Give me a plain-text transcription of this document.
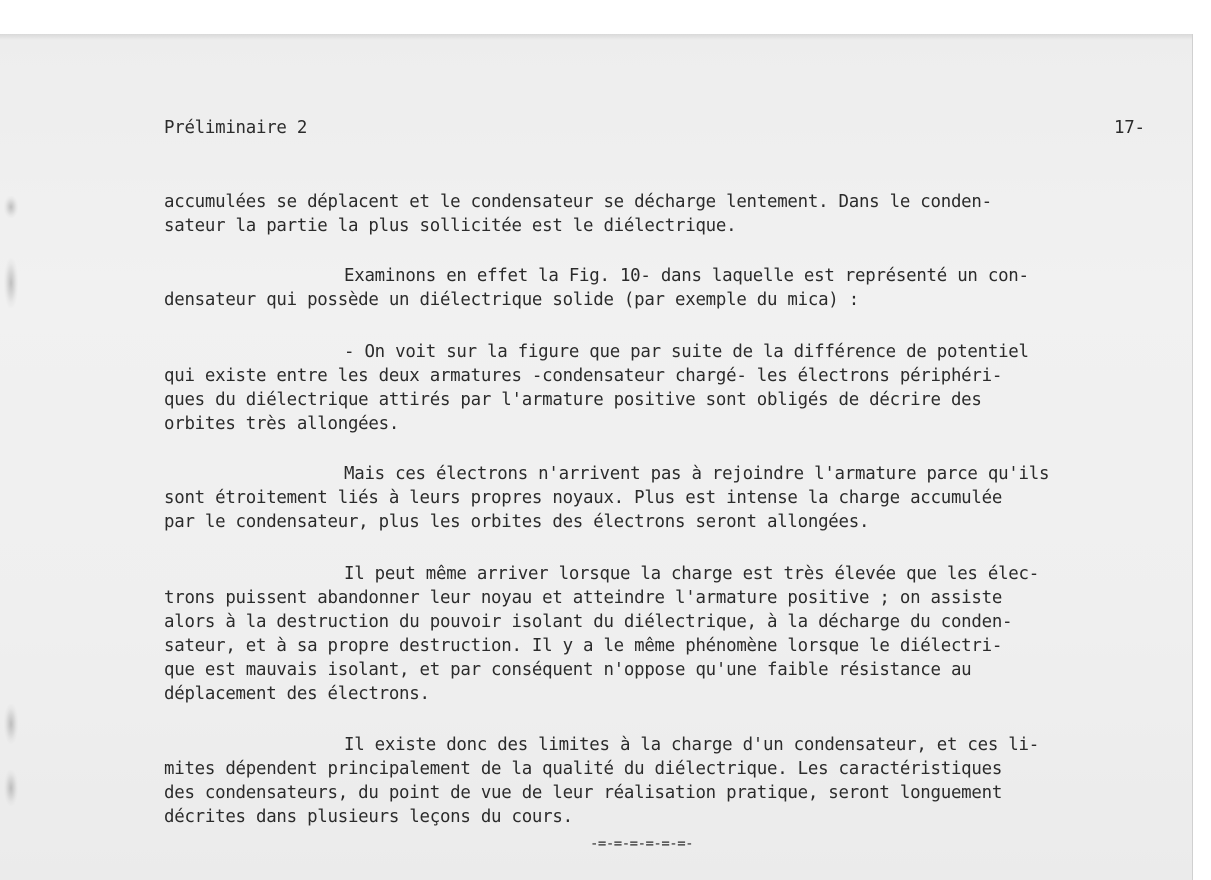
Préliminaire 2	17-
accumulées se déplacent et le condensateur se décharge lentement. Dans le conden-
sateur la partie la plus sollicitée est le diélectrique.
Examinons en effet la Fig. 10- dans laquelle est représenté un con-
densateur qui possède un diélectrique solide (par exemple du mica) :
- On voit sur la figure que par suite de la différence de potentiel
qui existe entre les deux armatures -condensateur chargé- les électrons périphéri-
ques du diélectrique attirés par l'armature positive sont obligés de décrire des
orbites très allongées.
Mais ces électrons n'arrivent pas à rejoindre l'armature parce qu'ils
sont étroitement liés à leurs propres noyaux. Plus est intense la charge accumulée
par le condensateur, plus les orbites des électrons seront allongées.
Il peut même arriver lorsque la charge est très élevée que les élec-
trons puissent abandonner leur noyau et atteindre l'armature positive ; on assiste
alors à la destruction du pouvoir isolant du diélectrique, à la décharge du conden-
sateur, et à sa propre destruction. Il y a le même phénomène lorsque le diélectri-
que est mauvais isolant, et par conséquent n'oppose qu'une faible résistance au
déplacement des électrons.
Il existe donc des limites à la charge d'un condensateur, et ces li-
mites dépendent principalement de la qualité du diélectrique. Les caractéristiques
des condensateurs, du point de vue de leur réalisation pratique, seront longuement
décrites dans plusieurs leçons du cours.
-=-=-=-=-=-=-
